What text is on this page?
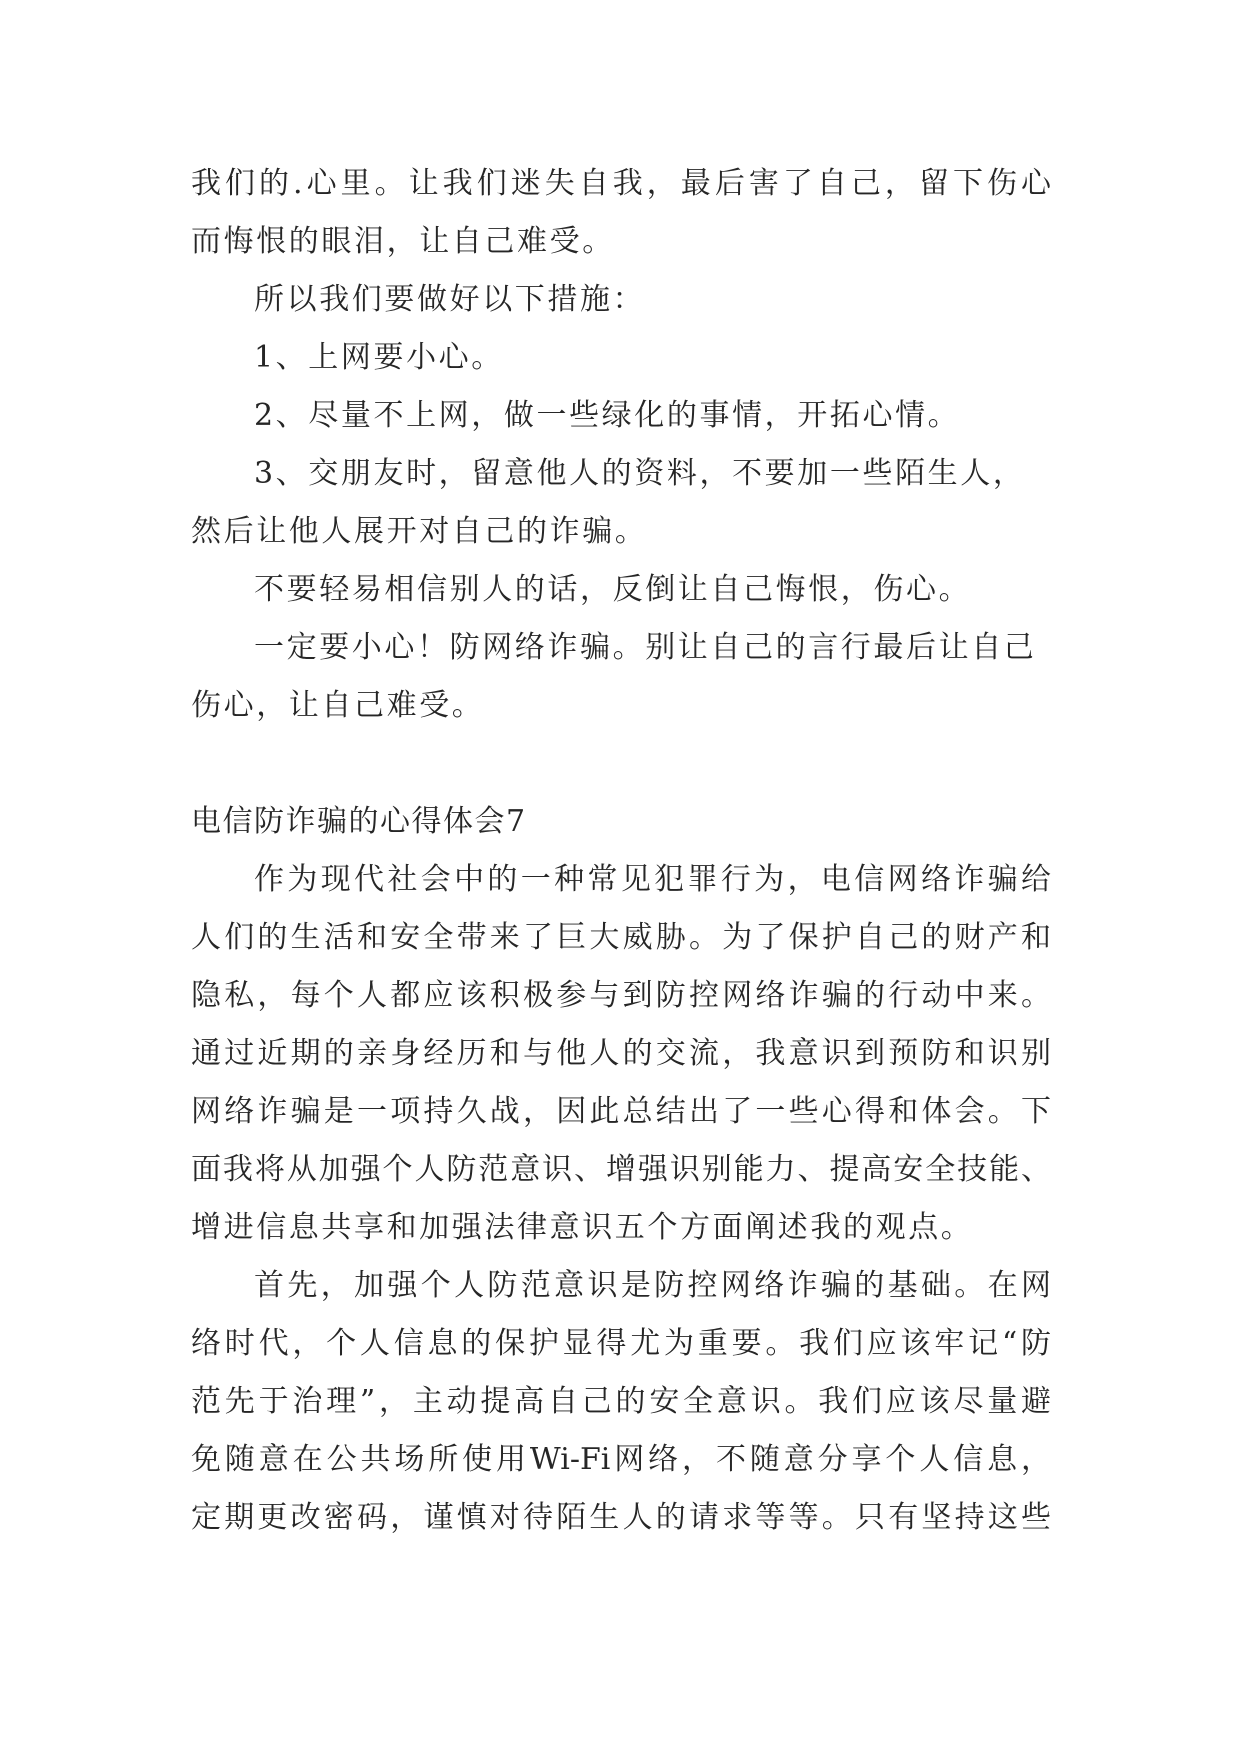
我们的.心里。让我们迷失自我，最后害了自己，留下伤心
而悔恨的眼泪，让自己难受。
所以我们要做好以下措施：
1、上网要小心。
2、尽量不上网，做一些绿化的事情，开拓心情。
3、交朋友时，留意他人的资料，不要加一些陌生人，
然后让他人展开对自己的诈骗。
不要轻易相信别人的话，反倒让自己悔恨，伤心。
一定要小心！防网络诈骗。别让自己的言行最后让自己
伤心，让自己难受。
电信防诈骗的心得体会7
作为现代社会中的一种常见犯罪行为，电信网络诈骗给
人们的生活和安全带来了巨大威胁。为了保护自己的财产和
隐私，每个人都应该积极参与到防控网络诈骗的行动中来。
通过近期的亲身经历和与他人的交流，我意识到预防和识别
网络诈骗是一项持久战，因此总结出了一些心得和体会。下
面我将从加强个人防范意识、增强识别能力、提高安全技能、
增进信息共享和加强法律意识五个方面阐述我的观点。
首先，加强个人防范意识是防控网络诈骗的基础。在网
络时代，个人信息的保护显得尤为重要。我们应该牢记“防
范先于治理”，主动提高自己的安全意识。我们应该尽量避
免随意在公共场所使用Wi-Fi网络，不随意分享个人信息，
定期更改密码，谨慎对待陌生人的请求等等。只有坚持这些
